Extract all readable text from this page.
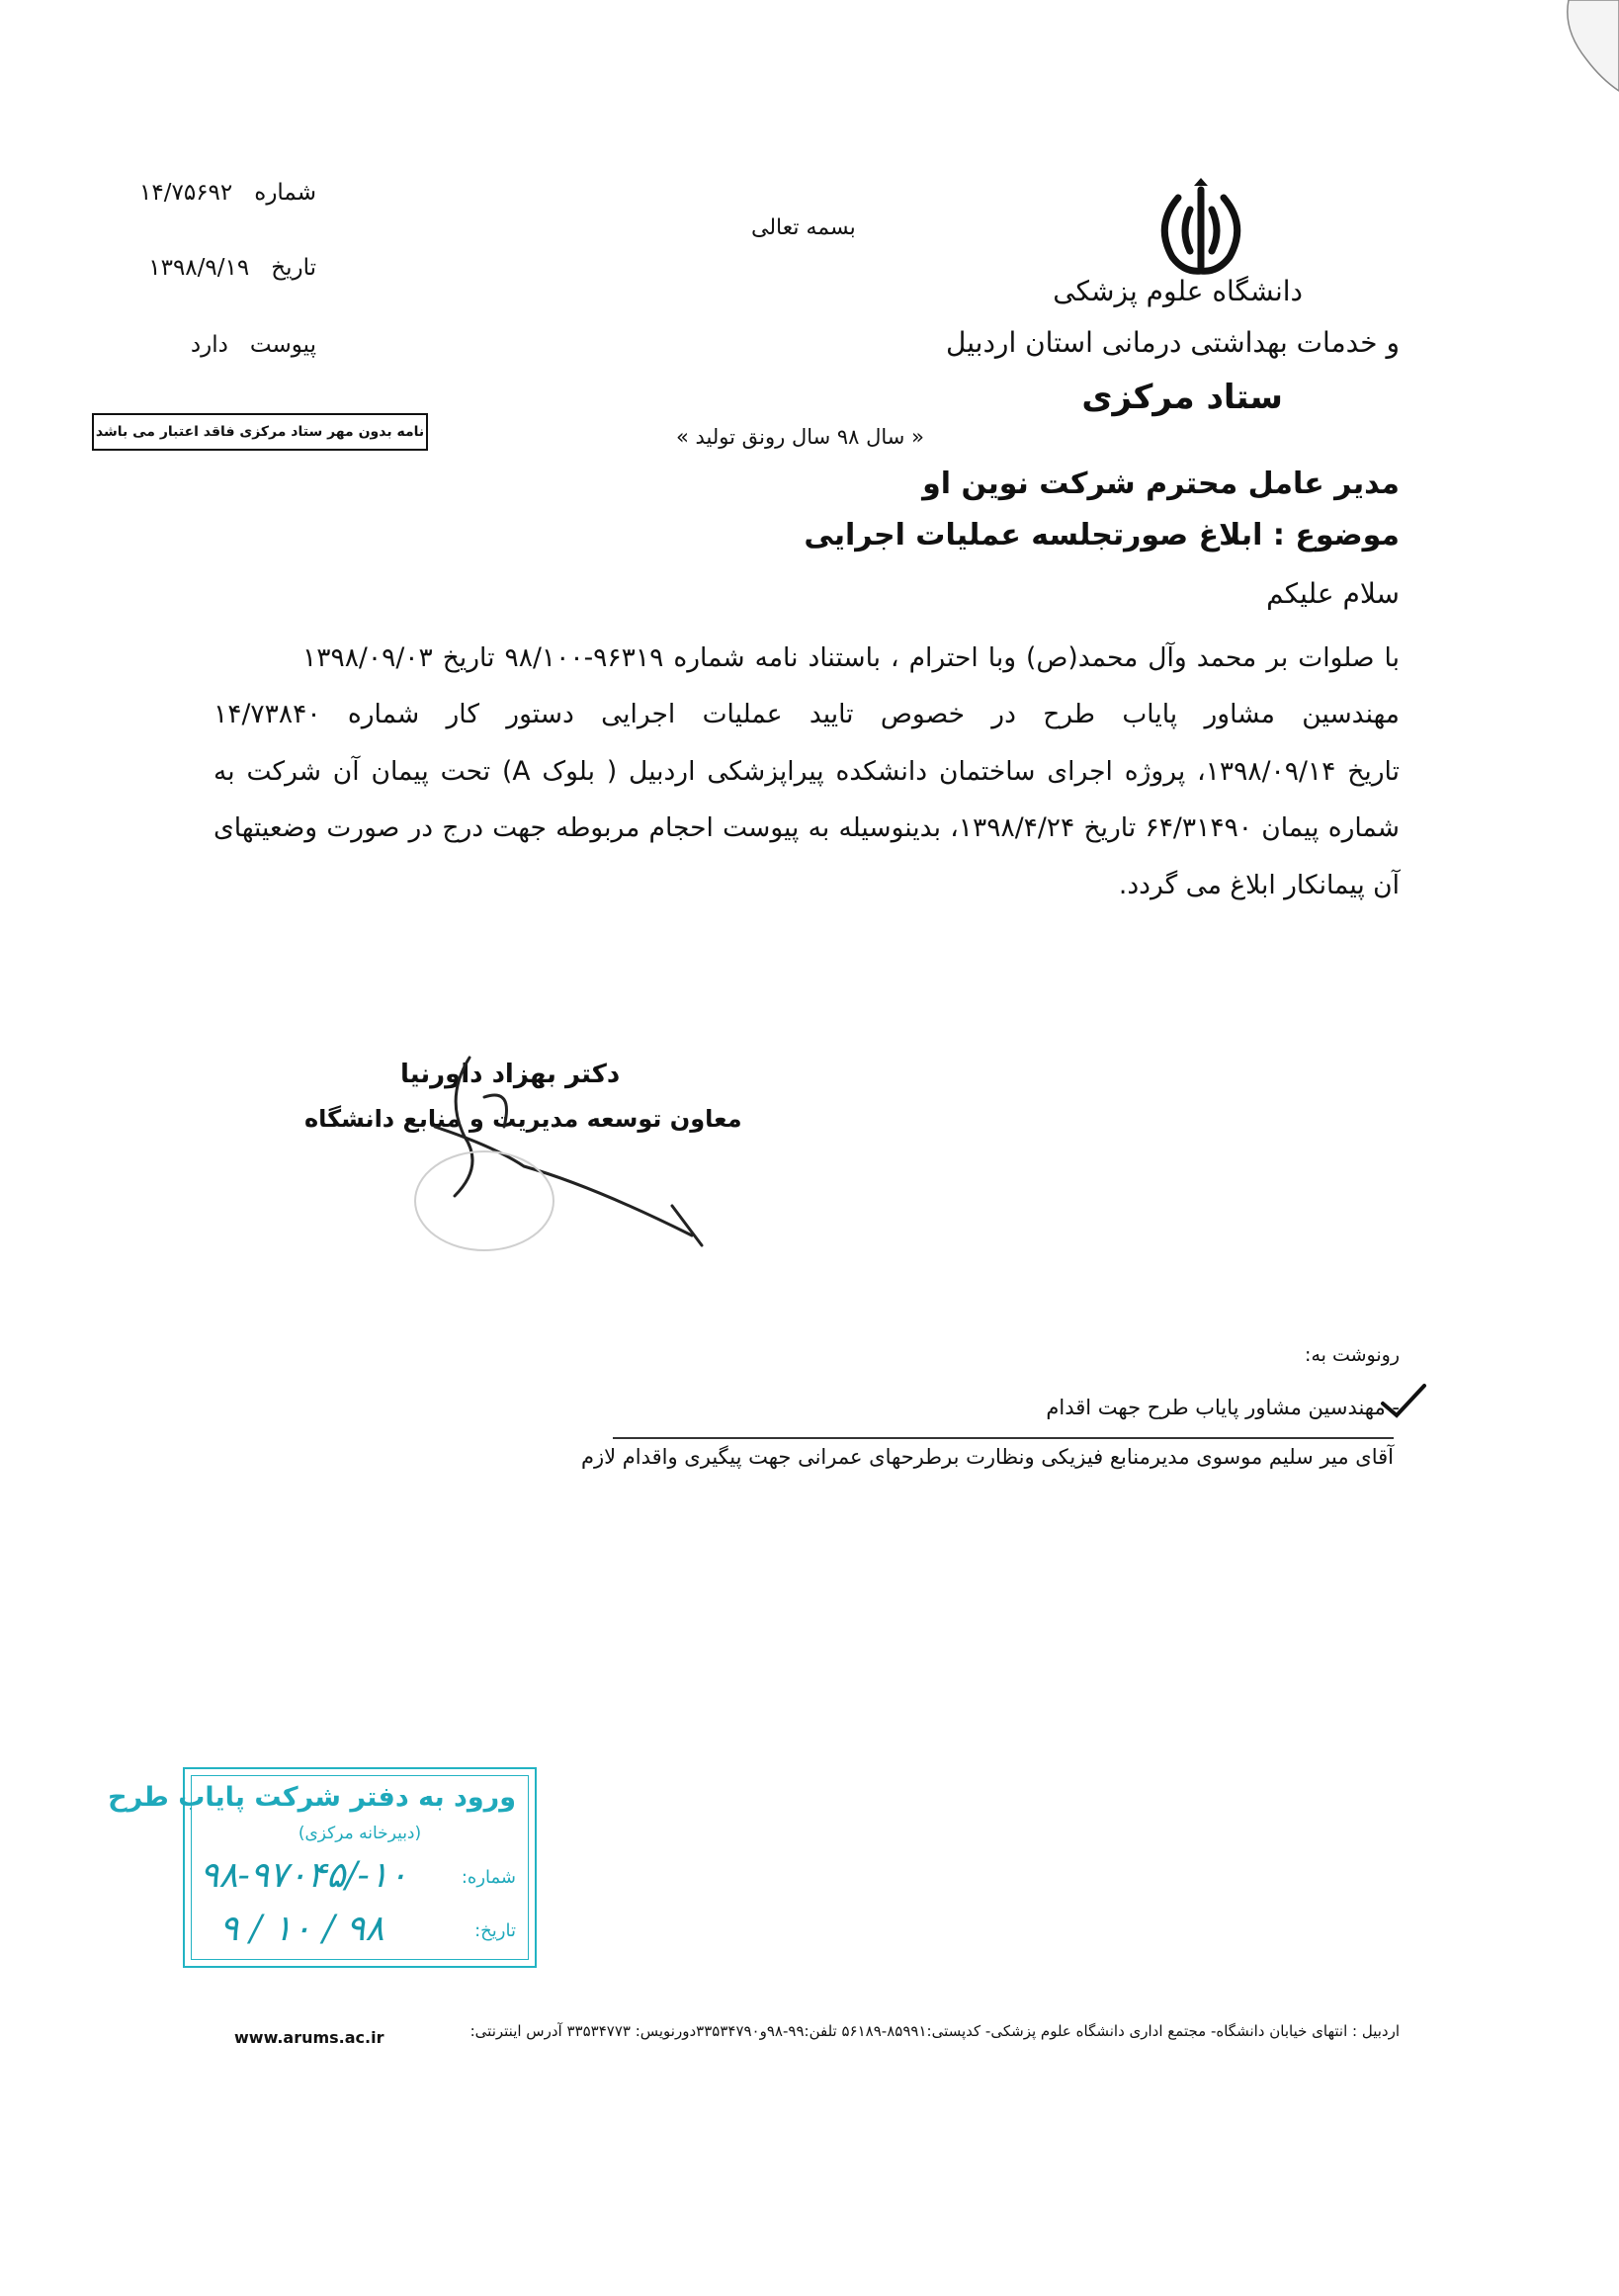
دانشگاه علوم پزشکی
و خدمات بهداشتی درمانی استان اردبیل
ستاد مرکزی
بسمه تعالی
« سال ۹۸ سال رونق تولید »
شماره
۱۴/۷۵۶۹۲
تاریخ
۱۳۹۸/۹/۱۹
پیوست
دارد
نامه بدون مهر ستاد مرکزی فاقد اعتبار می باشد
مدیر عامل محترم شرکت نوین او
موضوع : ابلاغ صورتجلسه عملیات اجرایی
سلام علیکم
با صلوات بر محمد وآل محمد(ص) وبا احترام ، باستناد نامه شماره ۹۶۳۱۹-۹۸/۱۰۰ تاریخ ۱۳۹۸/۰۹/۰۳
مهندسین مشاور پایاب طرح در خصوص تایید عملیات اجرایی دستور کار شماره ۱۴/۷۳۸۴۰
تاریخ ۱۳۹۸/۰۹/۱۴، پروژه اجرای ساختمان دانشکده پیراپزشکی اردبیل ( بلوک A) تحت پیمان آن شرکت به
شماره پیمان ۶۴/۳۱۴۹۰ تاریخ ۱۳۹۸/۴/۲۴، بدینوسیله به پیوست احجام مربوطه جهت درج در صورت وضعیتهای
آن پیمانکار ابلاغ می گردد.
دکتر بهزاد داورنیا
معاون توسعه مدیریت و منابع دانشگاه
رونوشت به:
- مهندسین مشاور پایاب طرح جهت اقدام
آقای میر سلیم موسوی مدیرمنابع فیزیکی ونظارت برطرحهای عمرانی جهت پیگیری واقدام لازم
ورود به دفتر شرکت پایاب طرح
(دبیرخانه مرکزی)
شماره:
۱۰-/۹۸-۹۷۰۴۵
تاریخ:
۹۸ / ۱۰ / ۹
اردبیل : انتهای خیابان دانشگاه- مجتمع اداری دانشگاه علوم پزشکی- کدپستی:۸۵۹۹۱-۵۶۱۸۹ تلفن:۹۹-۹۸و۳۳۵۳۴۷۹۰دورنویس: ۳۳۵۳۴۷۷۳ آدرس اینترنتی:
www.arums.ac.ir
